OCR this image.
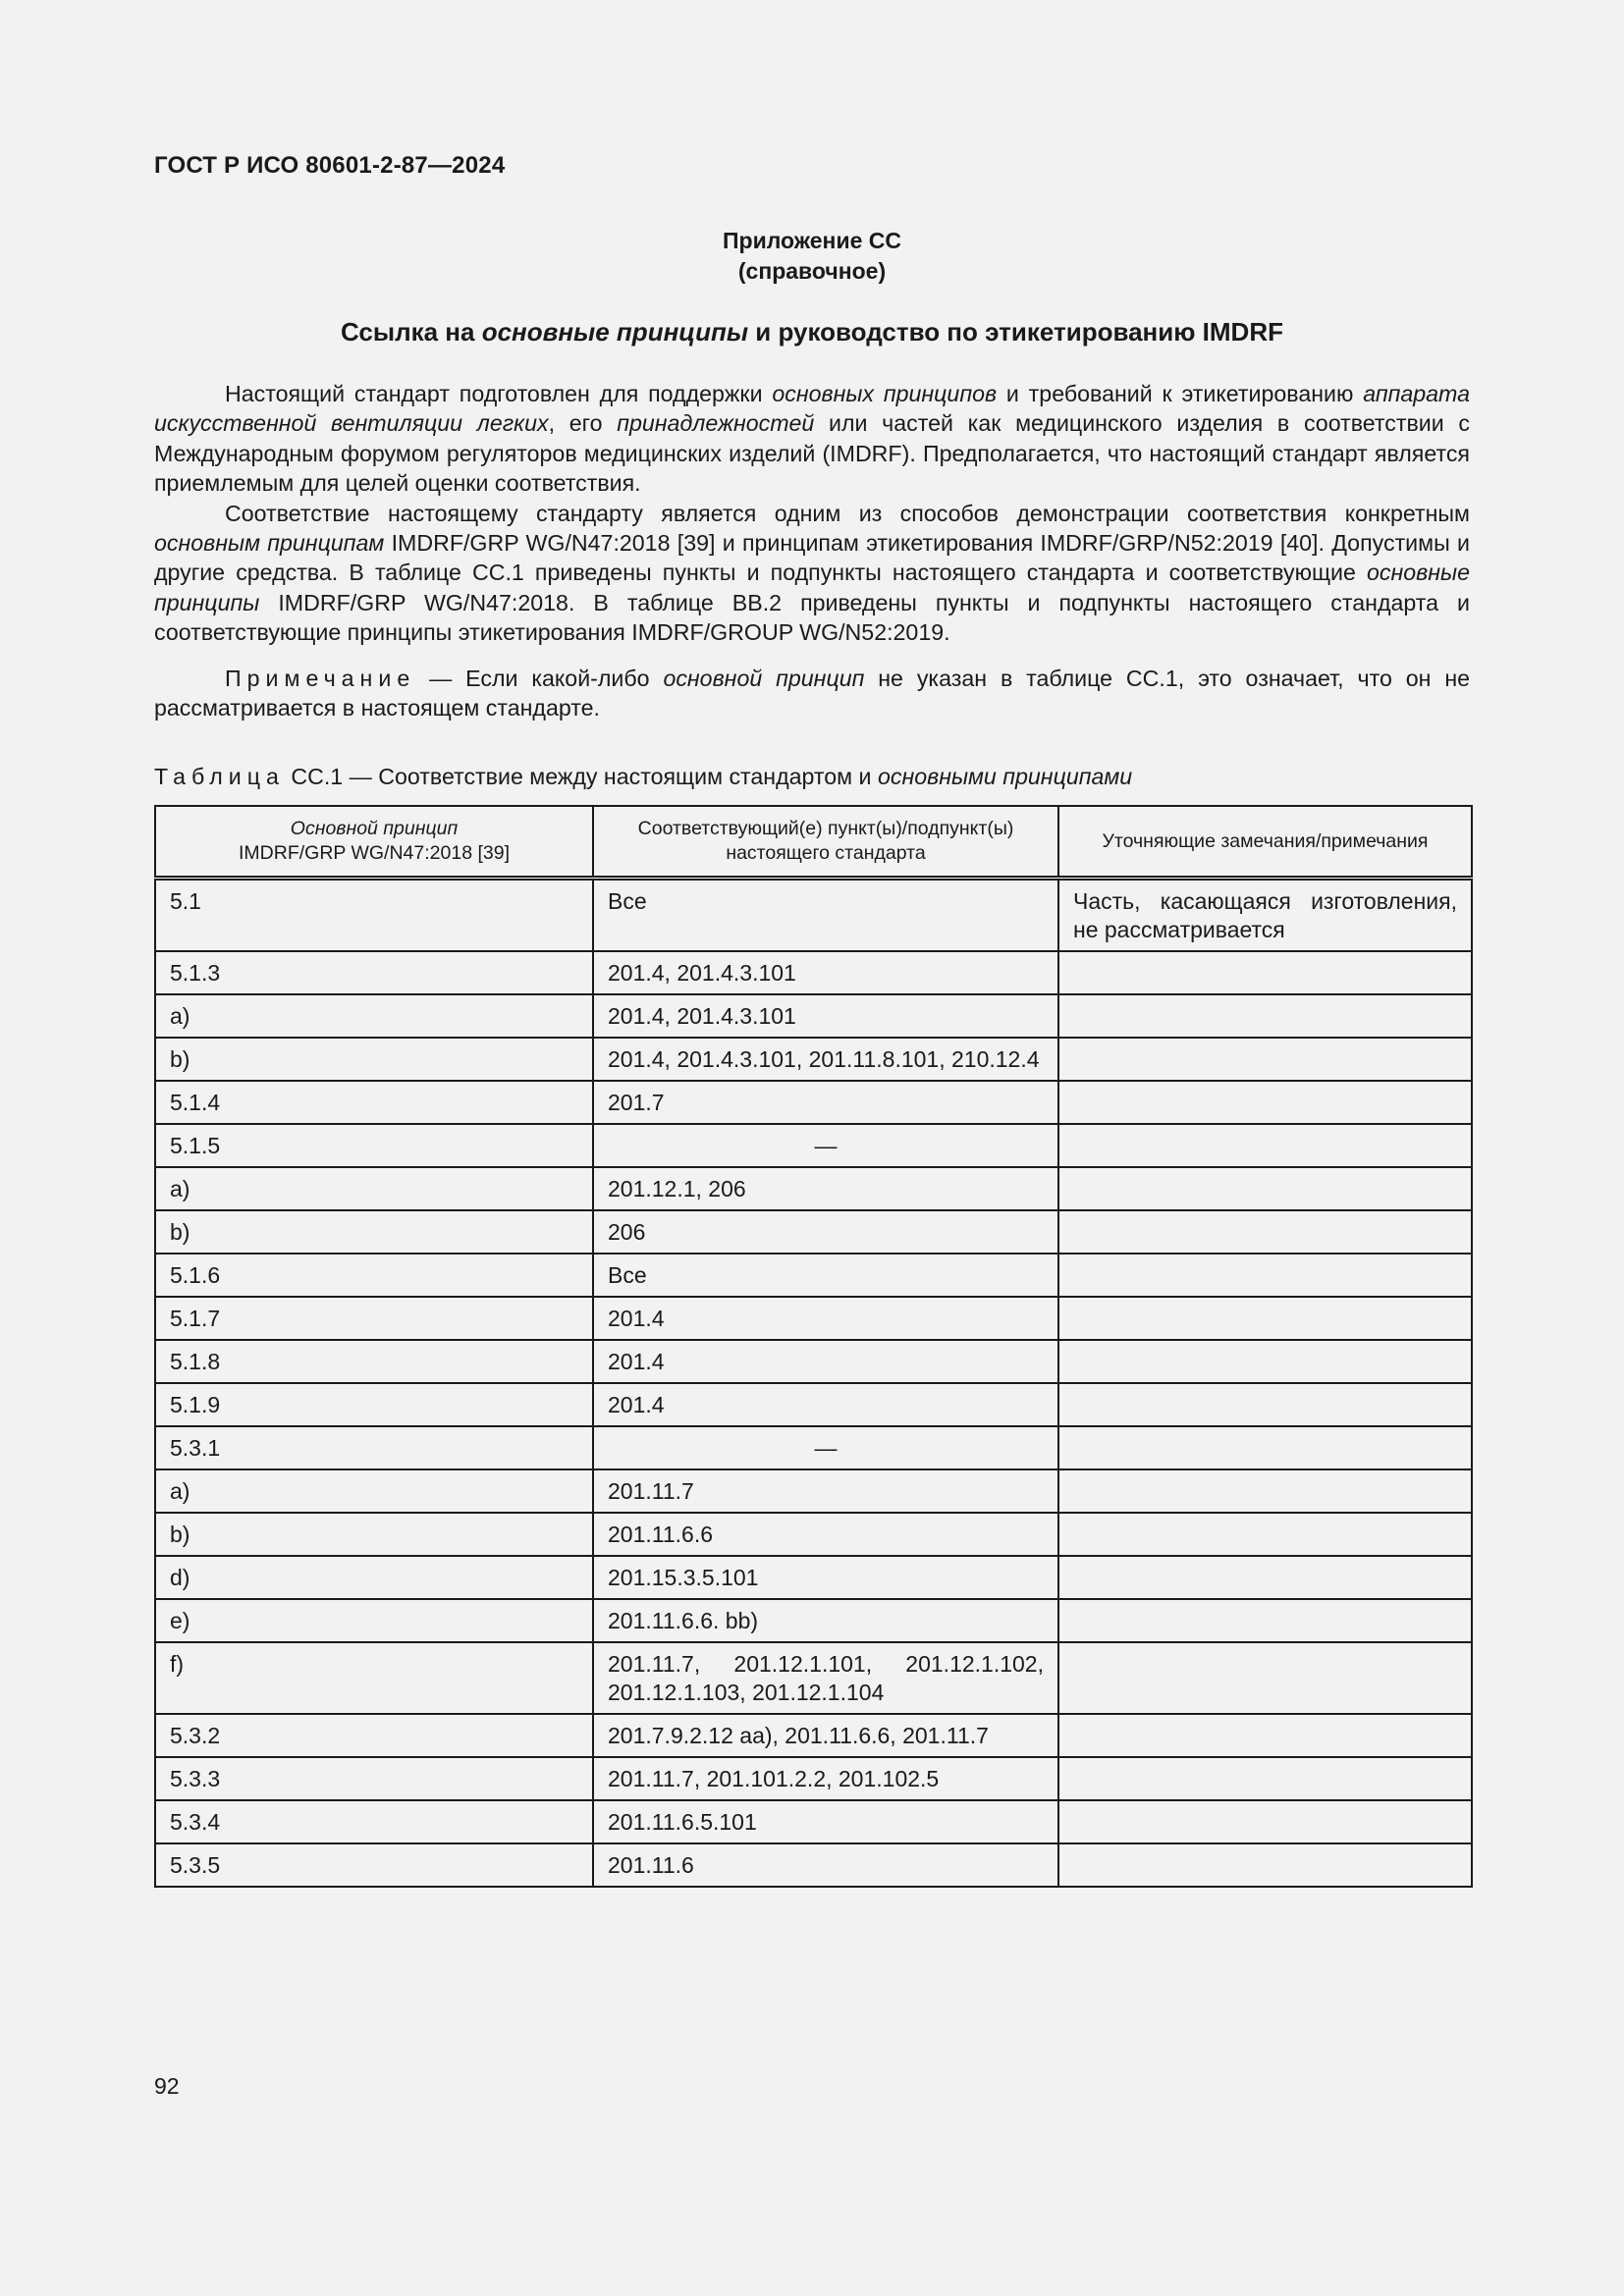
ГОСТ Р ИСО 80601-2-87—2024
Приложение СС
(справочное)
Ссылка на основные принципы и руководство по этикетированию IMDRF

Настоящий стандарт подготовлен для поддержки основных принципов и требований к этикетированию аппарата искусственной вентиляции легких, его принадлежностей или частей как медицинского изделия в соответствии с Международным форумом регуляторов медицинских изделий (IMDRF). Предполагается, что настоящий стандарт является приемлемым для целей оценки соответствия.

Соответствие настоящему стандарту является одним из способов демонстрации соответствия конкретным основным принципам IMDRF/GRP WG/N47:2018 [39] и принципам этикетирования IMDRF/GRP/N52:2019 [40]. Допустимы и другие средства. В таблице СС.1 приведены пункты и подпункты настоящего стандарта и соответствующие основные принципы IMDRF/GRP WG/N47:2018. В таблице ВВ.2 приведены пункты и подпункты настоящего стандарта и соответствующие принципы этикетирования IMDRF/GROUP WG/N52:2019.

Примечание — Если какой-либо основной принцип не указан в таблице СС.1, это означает, что он не рассматривается в настоящем стандарте.

Таблица СС.1 — Соответствие между настоящим стандартом и основными принципами
Основной принцип
IMDRF/GRP WG/N47:2018 [39]	Соответствующий(е) пункт(ы)/подпункт(ы) настоящего стандарта	Уточняющие замечания/примечания
5.1	Все	Часть, касающаяся изготовления, не рассматривается
5.1.3	201.4, 201.4.3.101	
a)	201.4, 201.4.3.101	
b)	201.4, 201.4.3.101, 201.11.8.101, 210.12.4	
5.1.4	201.7	
5.1.5	—	
a)	201.12.1, 206	
b)	206	
5.1.6	Все	
5.1.7	201.4	
5.1.8	201.4	
5.1.9	201.4	
5.3.1	—	
a)	201.11.7	
b)	201.11.6.6	
d)	201.15.3.5.101	
e)	201.11.6.6. bb)	
f)	201.11.7, 201.12.1.101, 201.12.1.102, 201.12.1.103, 201.12.1.104	
5.3.2	201.7.9.2.12 aa), 201.11.6.6, 201.11.7	
5.3.3	201.11.7, 201.101.2.2, 201.102.5	
5.3.4	201.11.6.5.101	
5.3.5	201.11.6	
92
